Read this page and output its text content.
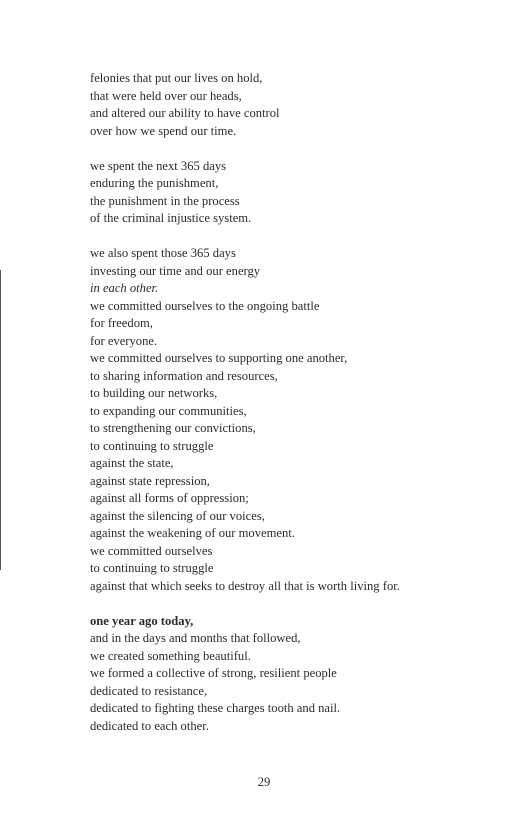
felonies that put our lives on hold,
that were held over our heads,
and altered our ability to have control
over how we spend our time.
we spent the next 365 days
enduring the punishment,
the punishment in the process
of the criminal injustice system.
we also spent those 365 days
investing our time and our energy
in each other.
we committed ourselves to the ongoing battle
for freedom,
for everyone.
we committed ourselves to supporting one another,
to sharing information and resources,
to building our networks,
to expanding our communities,
to strengthening our convictions,
to continuing to struggle
against the state,
against state repression,
against all forms of oppression;
against the silencing of our voices,
against the weakening of our movement.
we committed ourselves
to continuing to struggle
against that which seeks to destroy all that is worth living for.
one year ago today,
and in the days and months that followed,
we created something beautiful.
we formed a collective of strong, resilient people
dedicated to resistance,
dedicated to fighting these charges tooth and nail.
dedicated to each other.
29
